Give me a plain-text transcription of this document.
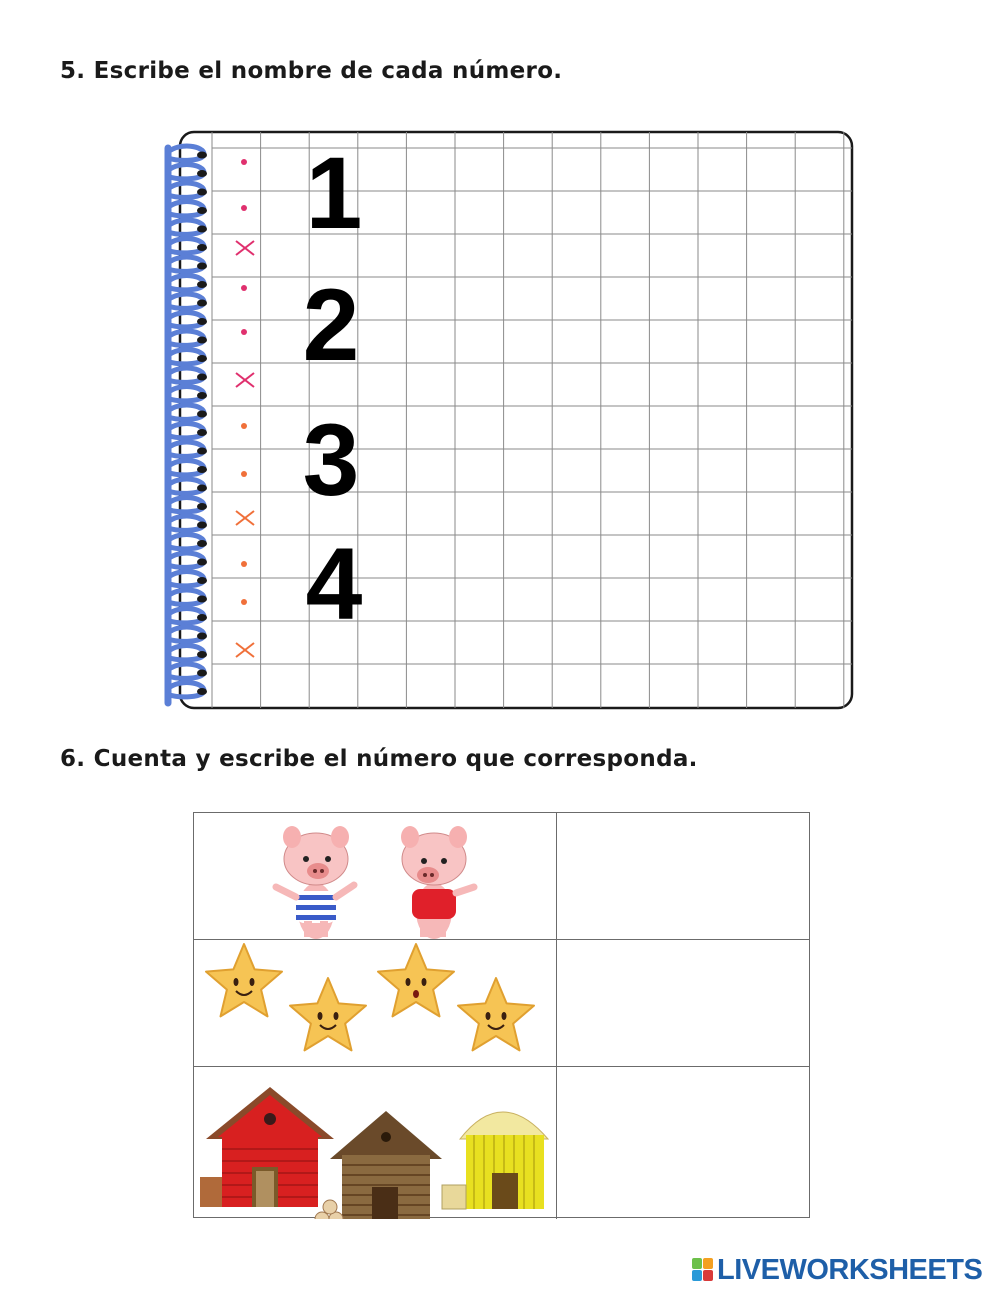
5. Escribe el nombre de cada número.
1
2
3
4
6. Cuenta y escribe el número que corresponda.
LIVEWORKSHEETS
